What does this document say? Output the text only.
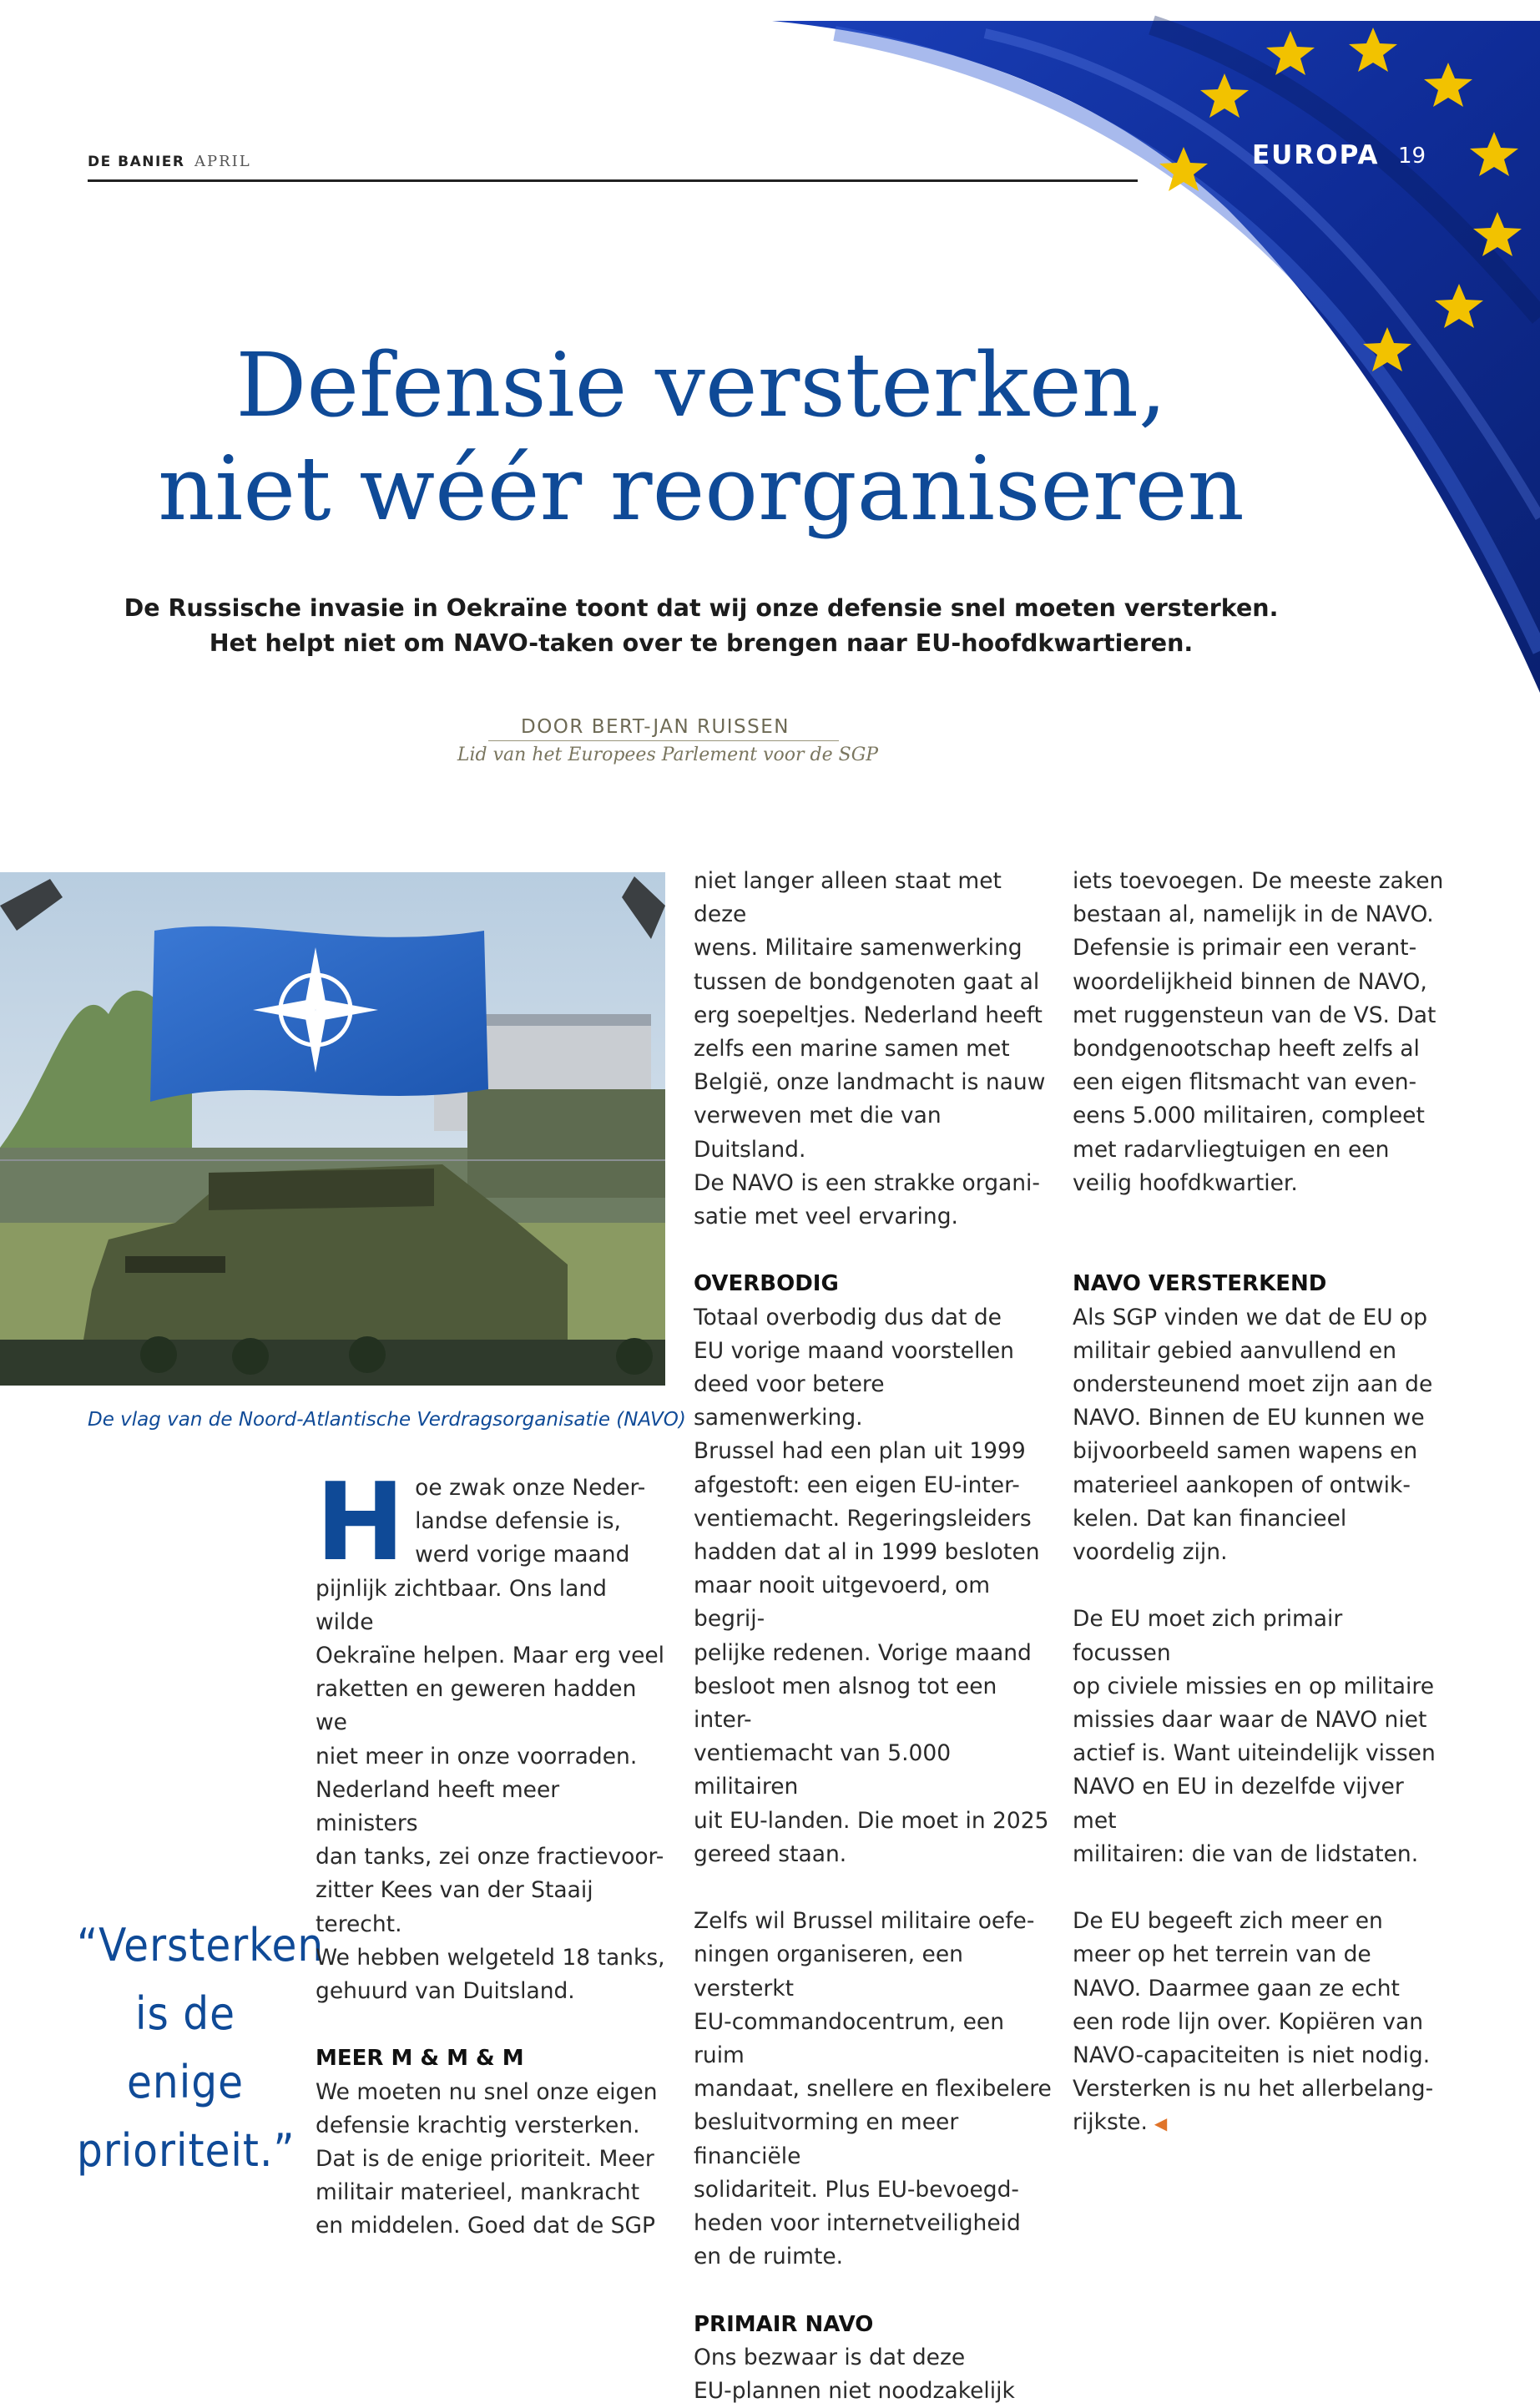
DE BANIER APRIL	EUROPA 19
Defensie versterken,
niet wéér reorganiseren
De Russische invasie in Oekraïne toont dat wij onze defensie snel moeten versterken.
Het helpt niet om NAVO-taken over te brengen naar EU-hoofdkwartieren.
DOOR BERT-JAN RUISSEN
Lid van het Europees Parlement voor de SGP
De vlag van de Noord-Atlantische Verdragsorganisatie (NAVO)
“Versterken
is de enige
prioriteit.”
H oe zwak onze Neder-

landse defensie is,

werd vorige maand

pijnlijk zichtbaar. Ons land wilde

Oekraïne helpen. Maar erg veel

raketten en geweren hadden we

niet meer in onze voorraden.

Nederland heeft meer ministers

dan tanks, zei onze fractievoor-

zitter Kees van der Staaij terecht.

We hebben welgeteld 18 tanks,

gehuurd van Duitsland.

MEER M & M & M

We moeten nu snel onze eigen

defensie krachtig versterken.

Dat is de enige prioriteit. Meer

militair materieel, mankracht

en middelen. Goed dat de SGP

niet langer alleen staat met deze

wens. Militaire samenwerking

tussen de bondgenoten gaat al

erg soepeltjes. Nederland heeft

zelfs een marine samen met

België, onze landmacht is nauw

verweven met die van Duitsland.

De NAVO is een strakke organi-

satie met veel ervaring.

OVERBODIG

Totaal overbodig dus dat de

EU vorige maand voorstellen

deed voor betere samenwerking.

Brussel had een plan uit 1999

afgestoft: een eigen EU-inter-

ventiemacht. Regeringsleiders

hadden dat al in 1999 besloten

maar nooit uitgevoerd, om begrij-

pelijke redenen. Vorige maand

besloot men alsnog tot een inter-

ventiemacht van 5.000 militairen

uit EU-landen. Die moet in 2025

gereed staan.

Zelfs wil Brussel militaire oefe-

ningen organiseren, een versterkt

EU-commandocentrum, een ruim

mandaat, snellere en flexibelere

besluitvorming en meer financiële

solidariteit. Plus EU-bevoegd-

heden voor internetveiligheid

en de ruimte.

PRIMAIR NAVO

Ons bezwaar is dat deze

EU-plannen niet noodzakelijk

iets toevoegen. De meeste zaken

bestaan al, namelijk in de NAVO.

Defensie is primair een verant-

woordelijkheid binnen de NAVO,

met ruggensteun van de VS. Dat

bondgenootschap heeft zelfs al

een eigen flitsmacht van even-

eens 5.000 militairen, compleet

met radarvliegtuigen en een

veilig hoofdkwartier.

NAVO VERSTERKEND

Als SGP vinden we dat de EU op

militair gebied aanvullend en

ondersteunend moet zijn aan de

NAVO. Binnen de EU kunnen we

bijvoorbeeld samen wapens en

materieel aankopen of ontwik-

kelen. Dat kan financieel

voordelig zijn.

De EU moet zich primair focussen

op civiele missies en op militaire

missies daar waar de NAVO niet

actief is. Want uiteindelijk vissen

NAVO en EU in dezelfde vijver met

militairen: die van de lidstaten.

De EU begeeft zich meer en

meer op het terrein van de

NAVO. Daarmee gaan ze echt

een rode lijn over. Kopiëren van

NAVO-capaciteiten is niet nodig.

Versterken is nu het allerbelang-

rijkste. ◀
